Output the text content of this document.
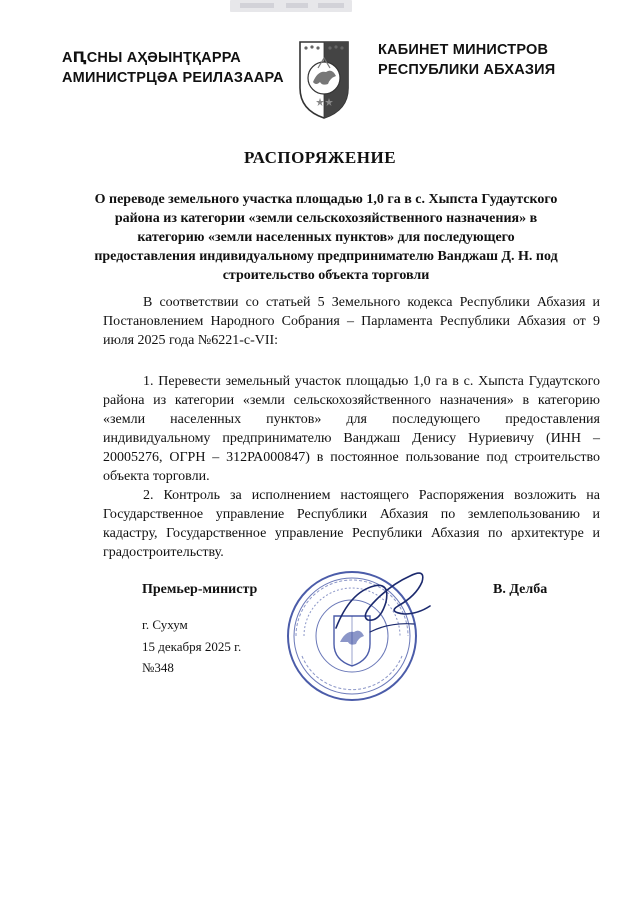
АԤСНЫ АҲӘЫНҬҚАРРА
АМИНИСТРЦӘА РЕИЛАЗААРА
КАБИНЕТ МИНИСТРОВ
РЕСПУБЛИКИ АБХАЗИЯ
РАСПОРЯЖЕНИЕ
О переводе земельного участка площадью 1,0 га в с. Хыпста Гудаутского района из категории «земли сельскохозяйственного назначения» в категорию «земли населенных пунктов» для последующего предоставления индивидуальному предпринимателю Ванджаш Д. Н. под строительство объекта торговли

В соответствии со статьей 5 Земельного кодекса Республики Абхазия и Постановлением Народного Собрания – Парламента Республики Абхазия от 9 июля 2025 года №6221-с-VII:

1. Перевести земельный участок площадью 1,0 га в с. Хыпста Гудаутского района из категории «земли сельскохозяйственного назначения» в категорию «земли населенных пунктов» для последующего предоставления индивидуальному предпринимателю Ванджаш Денису Нуриевичу (ИНН – 20005276, ОГРН – 312РА000847) в постоянное пользование под строительство объекта торговли.

2. Контроль за исполнением настоящего Распоряжения возложить на Государственное управление Республики Абхазия по землепользованию и кадастру, Государственное управление Республики Абхазия по архитектуре и градостроительству.

Премьер-министр	В. Делба
г. Сухум
15 декабря 2025 г.
№348
